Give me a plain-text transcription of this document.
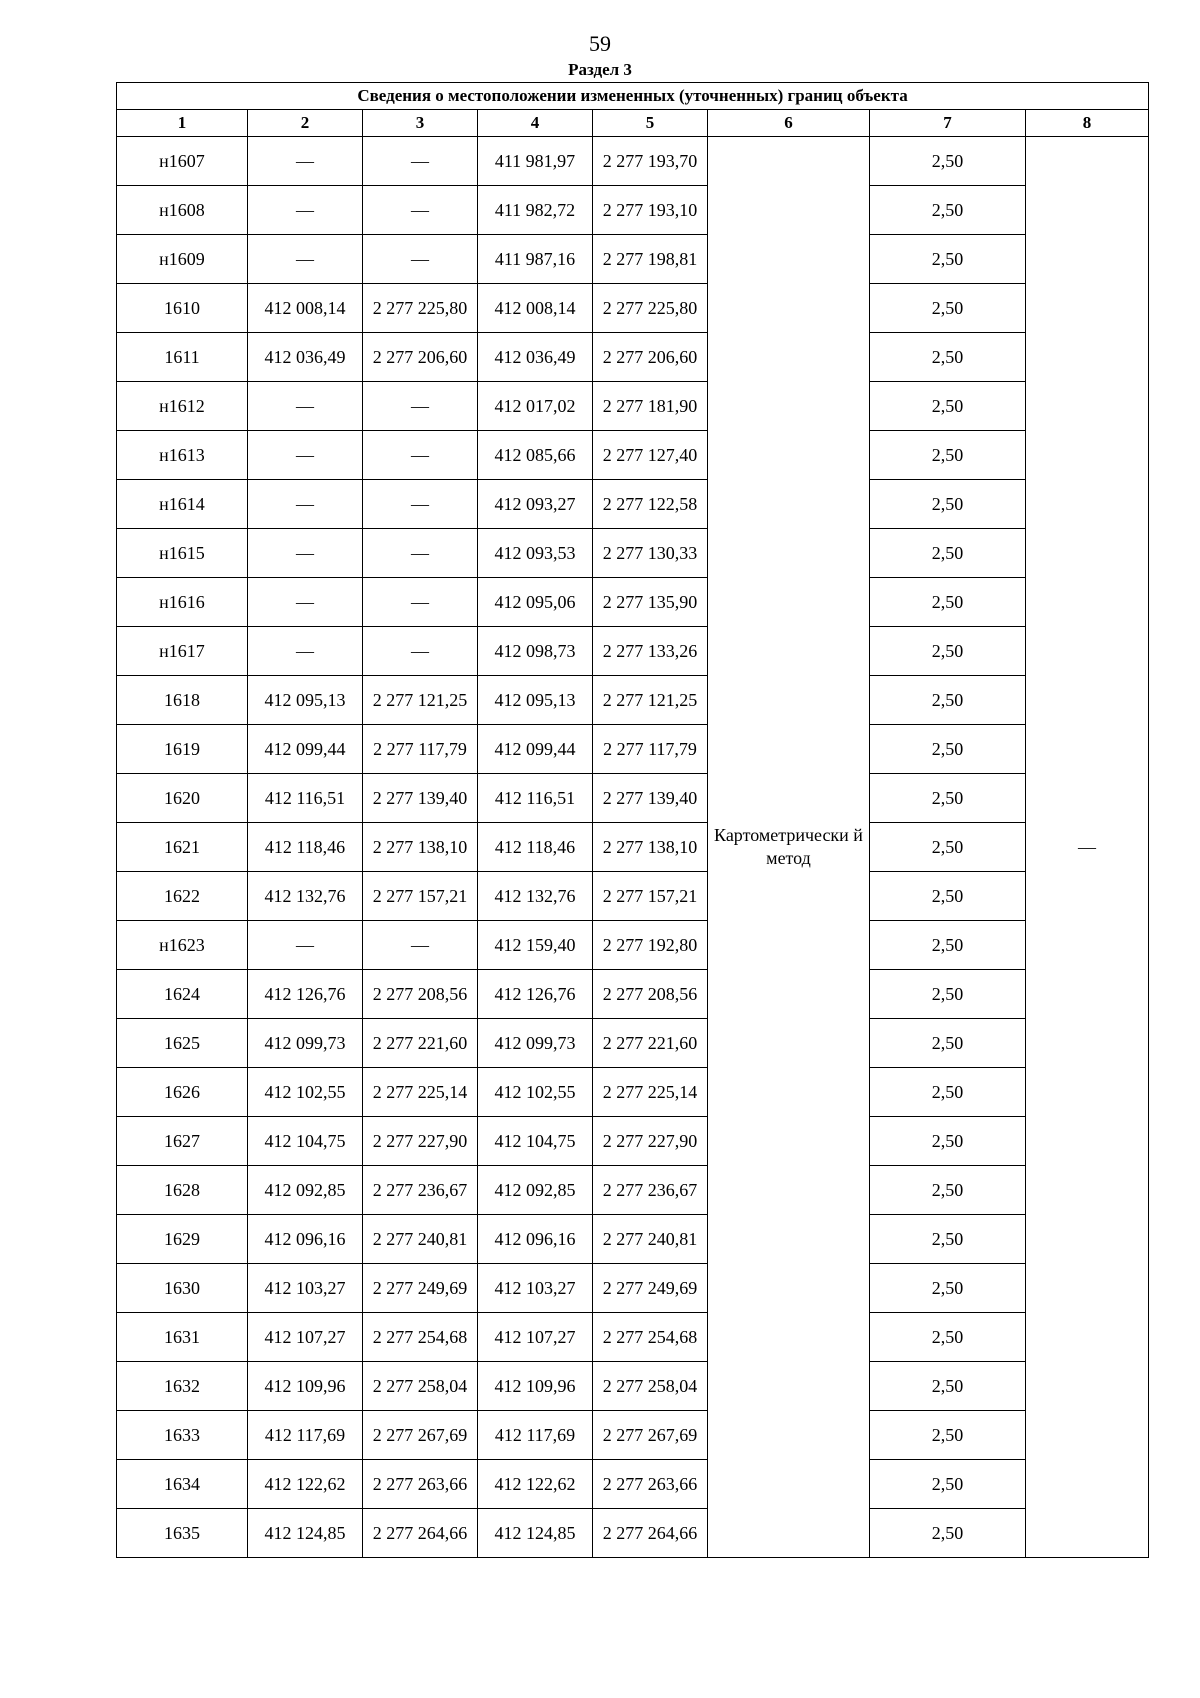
59
Раздел 3
Сведения о местоположении измененных (уточненных) границ объекта							
1	2	3	4	5	6	7	8
н1607	—	—	411 981,97	2 277 193,70	Картометрически й метод	2,50	—
н1608	—	—	411 982,72	2 277 193,10		2,50	
н1609	—	—	411 987,16	2 277 198,81		2,50	
1610	412 008,14	2 277 225,80	412 008,14	2 277 225,80		2,50	
1611	412 036,49	2 277 206,60	412 036,49	2 277 206,60		2,50	
н1612	—	—	412 017,02	2 277 181,90		2,50	
н1613	—	—	412 085,66	2 277 127,40		2,50	
н1614	—	—	412 093,27	2 277 122,58		2,50	
н1615	—	—	412 093,53	2 277 130,33		2,50	
н1616	—	—	412 095,06	2 277 135,90		2,50	
н1617	—	—	412 098,73	2 277 133,26		2,50	
1618	412 095,13	2 277 121,25	412 095,13	2 277 121,25		2,50	
1619	412 099,44	2 277 117,79	412 099,44	2 277 117,79		2,50	
1620	412 116,51	2 277 139,40	412 116,51	2 277 139,40		2,50	
1621	412 118,46	2 277 138,10	412 118,46	2 277 138,10		2,50	
1622	412 132,76	2 277 157,21	412 132,76	2 277 157,21		2,50	
н1623	—	—	412 159,40	2 277 192,80		2,50	
1624	412 126,76	2 277 208,56	412 126,76	2 277 208,56		2,50	
1625	412 099,73	2 277 221,60	412 099,73	2 277 221,60		2,50	
1626	412 102,55	2 277 225,14	412 102,55	2 277 225,14		2,50	
1627	412 104,75	2 277 227,90	412 104,75	2 277 227,90		2,50	
1628	412 092,85	2 277 236,67	412 092,85	2 277 236,67		2,50	
1629	412 096,16	2 277 240,81	412 096,16	2 277 240,81		2,50	
1630	412 103,27	2 277 249,69	412 103,27	2 277 249,69		2,50	
1631	412 107,27	2 277 254,68	412 107,27	2 277 254,68		2,50	
1632	412 109,96	2 277 258,04	412 109,96	2 277 258,04		2,50	
1633	412 117,69	2 277 267,69	412 117,69	2 277 267,69		2,50	
1634	412 122,62	2 277 263,66	412 122,62	2 277 263,66		2,50	
1635	412 124,85	2 277 264,66	412 124,85	2 277 264,66		2,50	
